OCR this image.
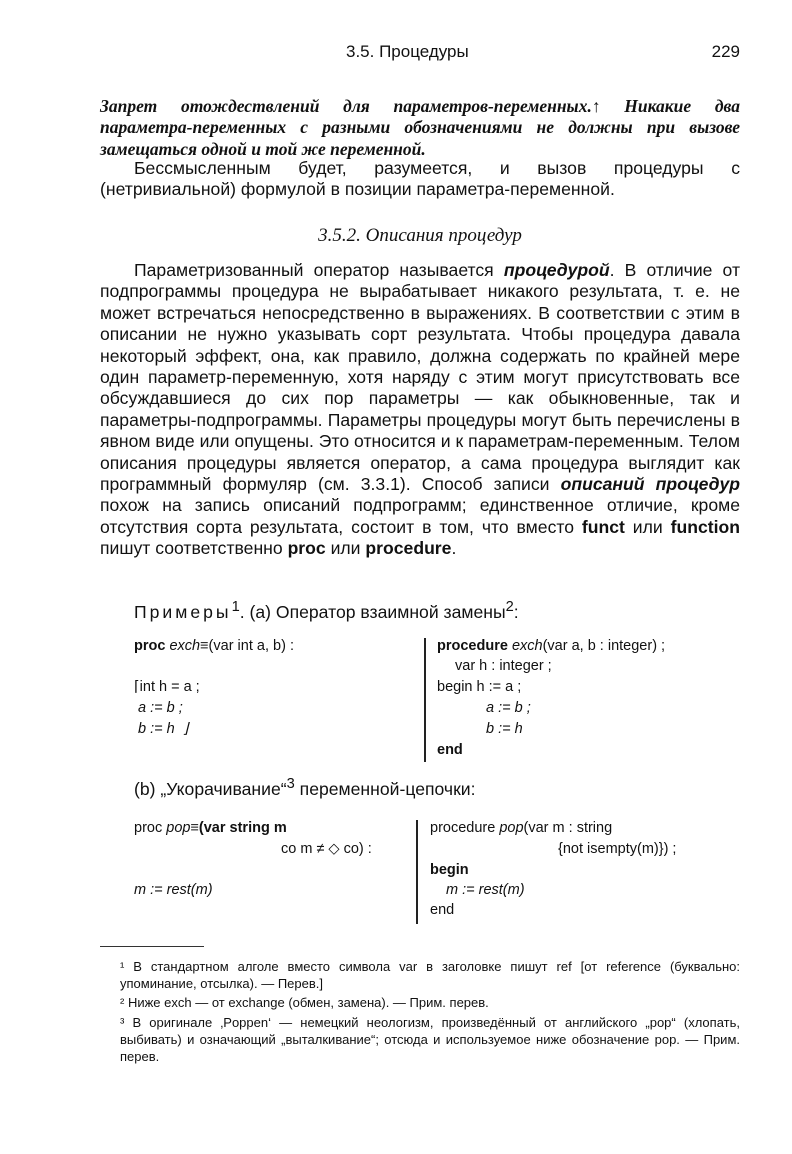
3.5. Процедуры	229

Запрет отождествлений для параметров-переменных.↑ Никакие два параметра-переменных с разными обозначениями не должны при вызове замещаться одной и той же переменной.

Бессмысленным будет, разумеется, и вызов процедуры с (нетривиальной) формулой в позиции параметра-переменной.

3.5.2. Описания процедур

Параметризованный оператор называется процедурой. В отличие от подпрограммы процедура не вырабатывает никакого результата, т. е. не может встречаться непосредственно в выражениях. В соответствии с этим в описании не нужно указывать сорт результата. Чтобы процедура давала некоторый эффект, она, как правило, должна содержать по крайней мере один параметр-переменную, хотя наряду с этим могут присутствовать все обсуждавшиеся до сих пор параметры — как обыкновенные, так и параметры-подпрограммы. Параметры процедуры могут быть перечислены в явном виде или опущены. Это относится и к параметрам-переменным. Телом описания процедуры является оператор, а сама процедура выглядит как программный формуляр (см. 3.3.1). Способ записи описаний процедур похож на запись описаний подпрограмм; единственное отличие, кроме отсутствия сорта результата, состоит в том, что вместо funct или function пишут соответственно proc или procedure.

Примеры$^1$. (а) Оператор взаимной замены$^2$:

proc exch≡(var int a, b) :
⌈int h = a ;
a := b ;
b := h  ⌋
procedure exch(var a, b : integer) ;
var h : integer ;
begin h := a ;
a := b ;
b := h
end
(b) „Укорачивание“$^3$ переменной-цепочки:
proc pop≡(var string m
co m ≠ ◇ co) :
m := rest(m)
procedure pop(var m : string
{not isempty(m)}) ;
begin
m := rest(m)
end
¹ В стандартном алголе вместо символа var в заголовке пишут ref [от reference (буквально: упоминание, отсылка). — Перев.]
² Ниже exch — от exchange (обмен, замена). — Прим. перев.
³ В оригинале ‚Poppen‘ — немецкий неологизм, произведённый от английского „pop“ (хлопать, выбивать) и означающий „выталкивание“; отсюда и используемое ниже обозначение pop. — Прим. перев.
